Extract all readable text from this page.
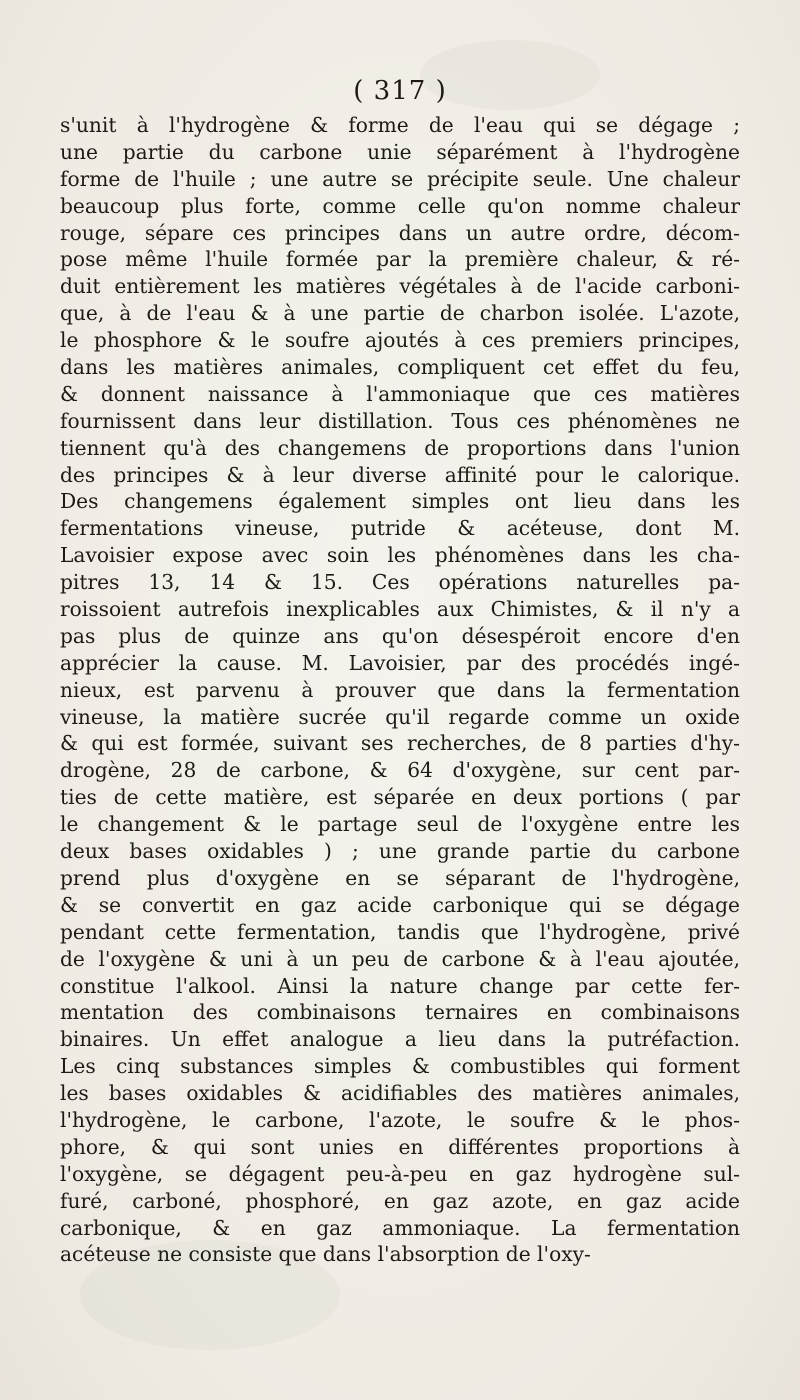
( 317 )
s'unit à l'hydrogène & forme de l'eau qui se dégage ;
une partie du carbone unie séparément à l'hydrogène
forme de l'huile ; une autre se précipite seule. Une chaleur
beaucoup plus forte, comme celle qu'on nomme chaleur
rouge, sépare ces principes dans un autre ordre, décom-
pose même l'huile formée par la première chaleur, & ré-
duit entièrement les matières végétales à de l'acide carboni-
que, à de l'eau & à une partie de charbon isolée. L'azote,
le phosphore & le soufre ajoutés à ces premiers principes,
dans les matières animales, compliquent cet effet du feu,
& donnent naissance à l'ammoniaque que ces matières
fournissent dans leur distillation. Tous ces phénomènes ne
tiennent qu'à des changemens de proportions dans l'union
des principes & à leur diverse affinité pour le calorique.
Des changemens également simples ont lieu dans les
fermentations vineuse, putride & acéteuse, dont M.
Lavoisier expose avec soin les phénomènes dans les cha-
pitres 13, 14 & 15. Ces opérations naturelles pa-
roissoient autrefois inexplicables aux Chimistes, & il n'y a
pas plus de quinze ans qu'on désespéroit encore d'en
apprécier la cause. M. Lavoisier, par des procédés ingé-
nieux, est parvenu à prouver que dans la fermentation
vineuse, la matière sucrée qu'il regarde comme un oxide
& qui est formée, suivant ses recherches, de 8 parties d'hy-
drogène, 28 de carbone, & 64 d'oxygène, sur cent par-
ties de cette matière, est séparée en deux portions ( par
le changement & le partage seul de l'oxygène entre les
deux bases oxidables ) ; une grande partie du carbone
prend plus d'oxygène en se séparant de l'hydrogène,
& se convertit en gaz acide carbonique qui se dégage
pendant cette fermentation, tandis que l'hydrogène, privé
de l'oxygène & uni à un peu de carbone & à l'eau ajoutée,
constitue l'alkool. Ainsi la nature change par cette fer-
mentation des combinaisons ternaires en combinaisons
binaires. Un effet analogue a lieu dans la putréfaction.
Les cinq substances simples & combustibles qui forment
les bases oxidables & acidifiables des matières animales,
l'hydrogène, le carbone, l'azote, le soufre & le phos-
phore, & qui sont unies en différentes proportions à
l'oxygène, se dégagent peu-à-peu en gaz hydrogène sul-
furé, carboné, phosphoré, en gaz azote, en gaz acide
carbonique, & en gaz ammoniaque. La fermentation
acéteuse ne consiste que dans l'absorption de l'oxy-
